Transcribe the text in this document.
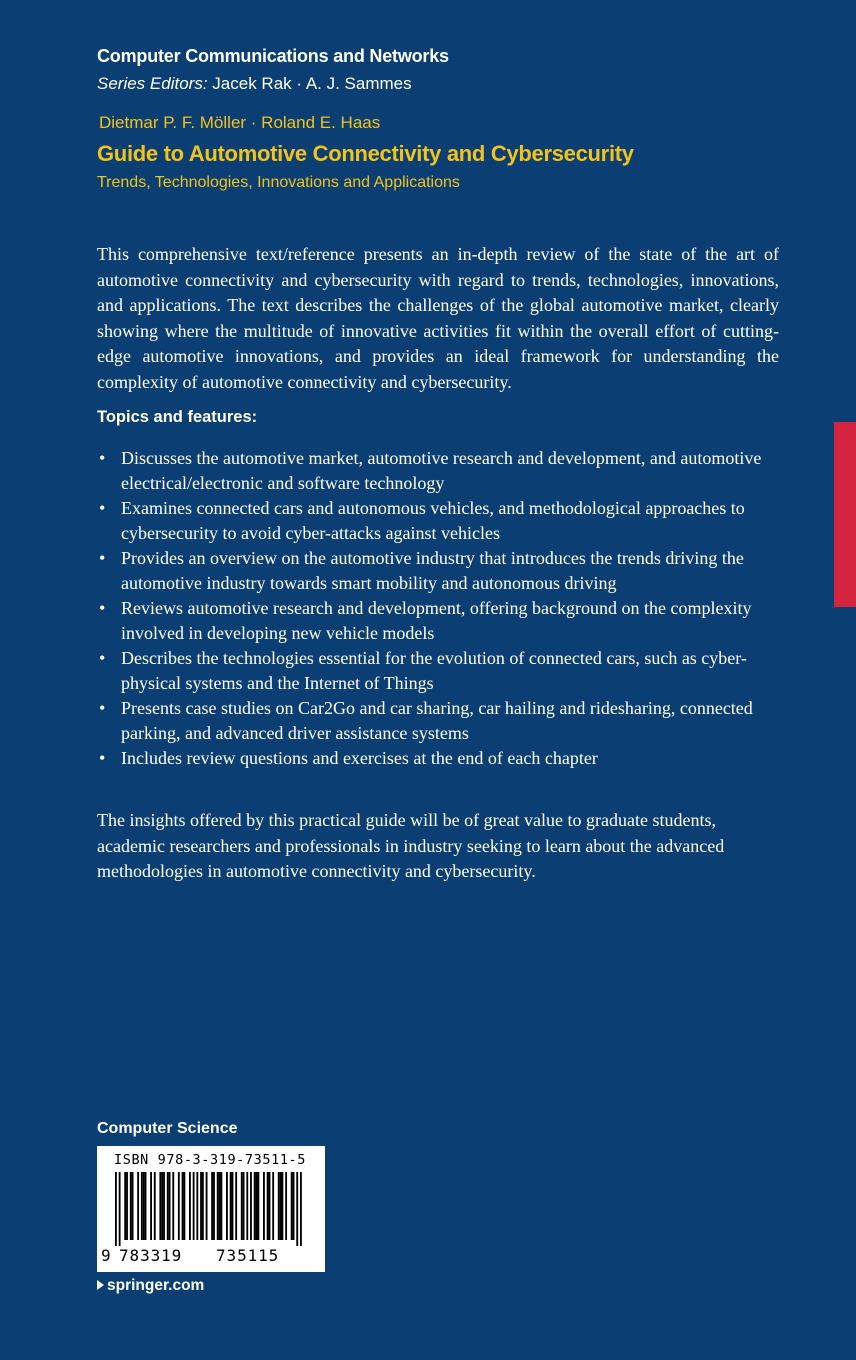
Computer Communications and Networks
Series Editors: Jacek Rak · A. J. Sammes
Dietmar P. F. Möller · Roland E. Haas
Guide to Automotive Connectivity and Cybersecurity
Trends, Technologies, Innovations and Applications

This comprehensive text/reference presents an in-depth review of the state of the art of automotive connectivity and cybersecurity with regard to trends, technologies, innovations, and applications. The text describes the challenges of the global automotive market, clearly showing where the multitude of innovative activities fit within the overall effort of cutting-edge automotive innovations, and provides an ideal framework for understanding the complexity of automotive connectivity and cybersecurity.

Topics and features:
• Discusses the automotive market, automotive research and development, and automotive electrical/electronic and software technology
• Examines connected cars and autonomous vehicles, and methodological approaches to cybersecurity to avoid cyber-attacks against vehicles
• Provides an overview on the automotive industry that introduces the trends driving the automotive industry towards smart mobility and autonomous driving
• Reviews automotive research and development, offering background on the complexity involved in developing new vehicle models
• Describes the technologies essential for the evolution of connected cars, such as cyber-physical systems and the Internet of Things
• Presents case studies on Car2Go and car sharing, car hailing and ridesharing, connected parking, and advanced driver assistance systems
• Includes review questions and exercises at the end of each chapter

The insights offered by this practical guide will be of great value to graduate students, academic researchers and professionals in industry seeking to learn about the advanced methodologies in automotive connectivity and cybersecurity.

Computer Science
ISBN 978-3-319-73511-5
9 783319 735115
springer.com
